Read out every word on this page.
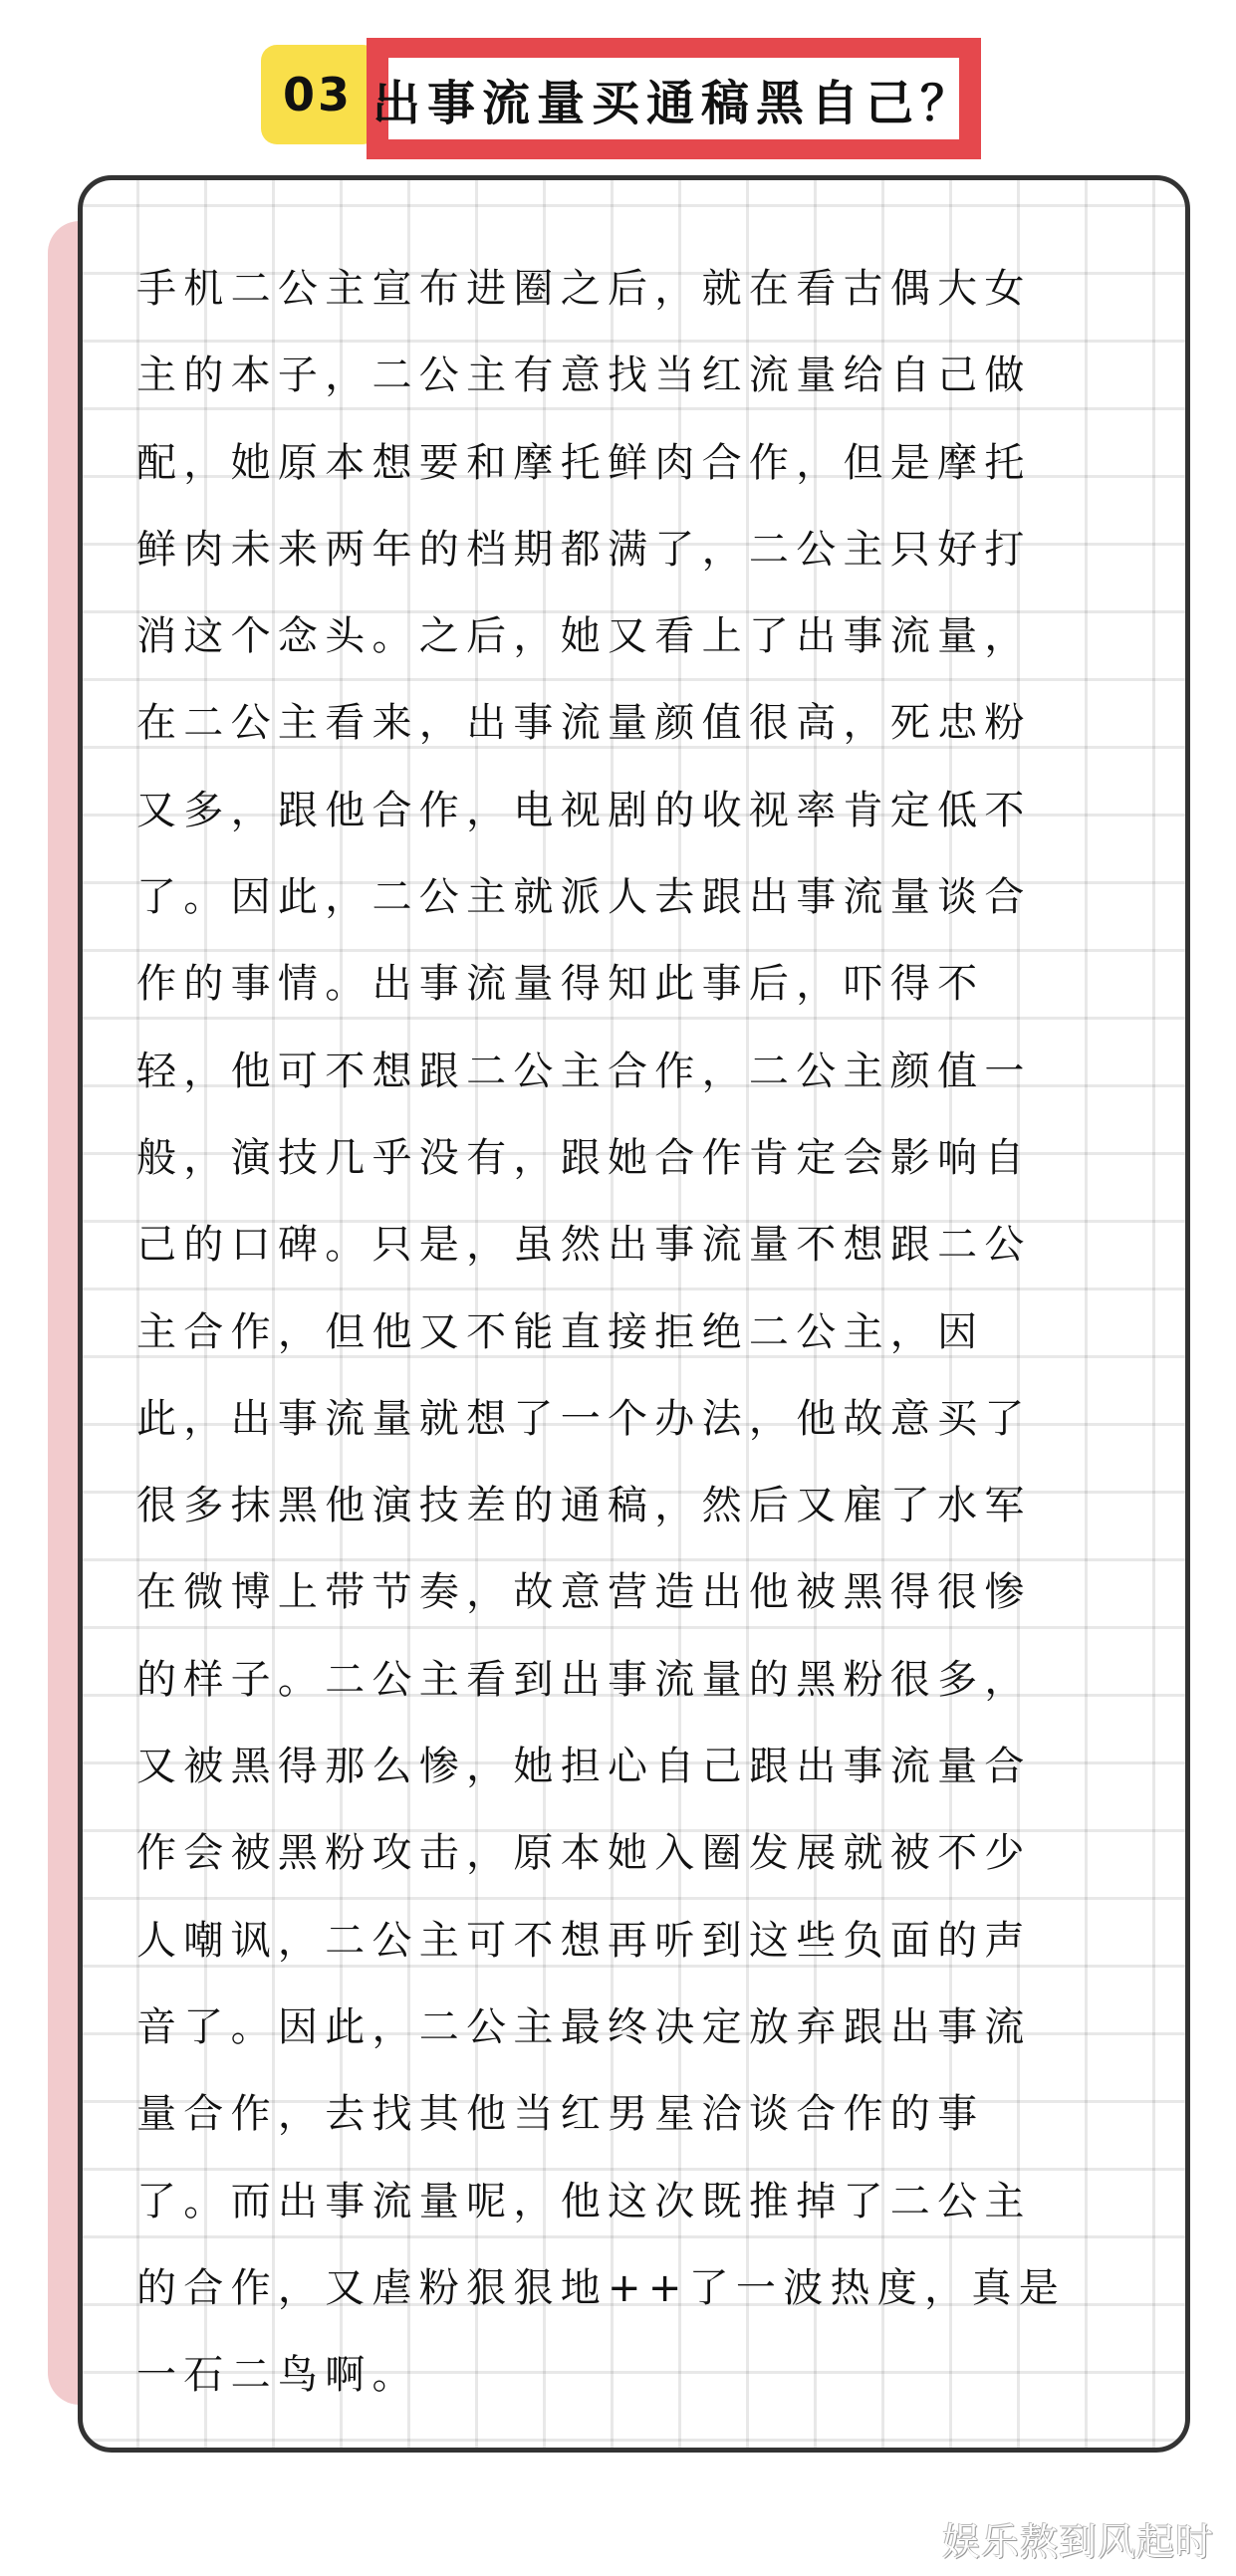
03 出事流量买通稿黑自己？
手机二公主宣布进圈之后，就在看古偶大女
主的本子，二公主有意找当红流量给自己做
配，她原本想要和摩托鲜肉合作，但是摩托
鲜肉未来两年的档期都满了，二公主只好打
消这个念头。之后，她又看上了出事流量，
在二公主看来，出事流量颜值很高，死忠粉
又多，跟他合作，电视剧的收视率肯定低不
了。因此，二公主就派人去跟出事流量谈合
作的事情。出事流量得知此事后，吓得不
轻，他可不想跟二公主合作，二公主颜值一
般，演技几乎没有，跟她合作肯定会影响自
己的口碑。只是，虽然出事流量不想跟二公
主合作，但他又不能直接拒绝二公主，因
此，出事流量就想了一个办法，他故意买了
很多抹黑他演技差的通稿，然后又雇了水军
在微博上带节奏，故意营造出他被黑得很惨
的样子。二公主看到出事流量的黑粉很多，
又被黑得那么惨，她担心自己跟出事流量合
作会被黑粉攻击，原本她入圈发展就被不少
人嘲讽，二公主可不想再听到这些负面的声
音了。因此，二公主最终决定放弃跟出事流
量合作，去找其他当红男星洽谈合作的事
了。而出事流量呢，他这次既推掉了二公主
的合作，又虐粉狠狠地++了一波热度，真是
一石二鸟啊。
娱乐熬到风起时
